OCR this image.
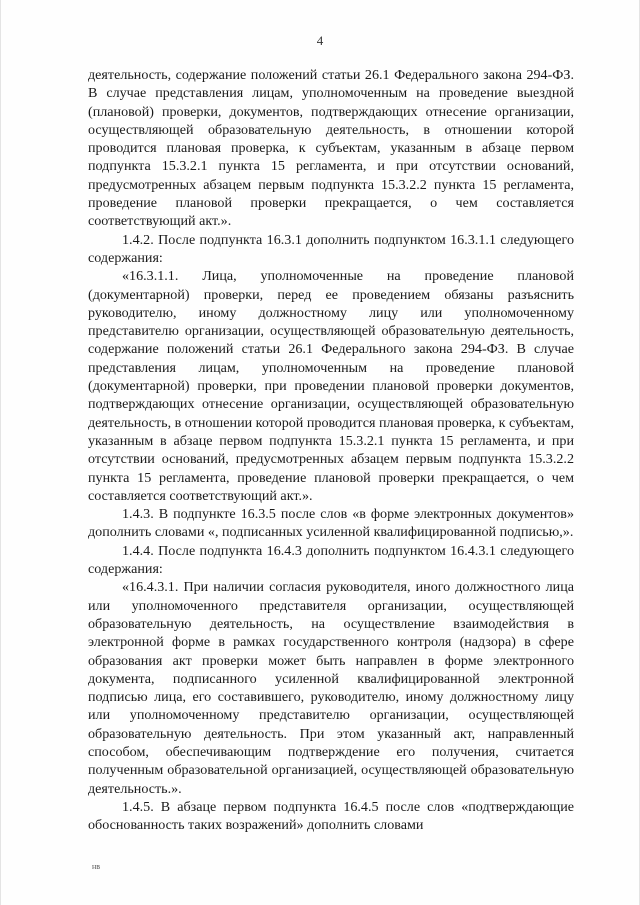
4

деятельность, содержание положений статьи 26.1 Федерального закона 294-ФЗ. В случае представления лицам, уполномоченным на проведение выездной (плановой) проверки, документов, подтверждающих отнесение организации, осуществляющей образовательную деятельность, в отношении которой проводится плановая проверка, к субъектам, указанным в абзаце первом подпункта 15.3.2.1 пункта 15 регламента, и при отсутствии оснований, предусмотренных абзацем первым подпункта 15.3.2.2 пункта 15 регламента, проведение плановой проверки прекращается, о чем составляется соответствующий акт.».

1.4.2. После подпункта 16.3.1 дополнить подпунктом 16.3.1.1 следующего содержания:

«16.3.1.1. Лица, уполномоченные на проведение плановой (документарной) проверки, перед ее проведением обязаны разъяснить руководителю, иному должностному лицу или уполномоченному представителю организации, осуществляющей образовательную деятельность, содержание положений статьи 26.1 Федерального закона 294-ФЗ. В случае представления лицам, уполномоченным на проведение плановой (документарной) проверки, при проведении плановой проверки документов, подтверждающих отнесение организации, осуществляющей образовательную деятельность, в отношении которой проводится плановая проверка, к субъектам, указанным в абзаце первом подпункта 15.3.2.1 пункта 15 регламента, и при отсутствии оснований, предусмотренных абзацем первым подпункта 15.3.2.2 пункта 15 регламента, проведение плановой проверки прекращается, о чем составляется соответствующий акт.».

1.4.3. В подпункте 16.3.5 после слов «в форме электронных документов» дополнить словами «, подписанных усиленной квалифицированной подписью,».

1.4.4. После подпункта 16.4.3 дополнить подпунктом 16.4.3.1 следующего содержания:

«16.4.3.1. При наличии согласия руководителя, иного должностного лица или уполномоченного представителя организации, осуществляющей образовательную деятельность, на осуществление взаимодействия в электронной форме в рамках государственного контроля (надзора) в сфере образования акт проверки может быть направлен в форме электронного документа, подписанного усиленной квалифицированной электронной подписью лица, его составившего, руководителю, иному должностному лицу или уполномоченному представителю организации, осуществляющей образовательную деятельность. При этом указанный акт, направленный способом, обеспечивающим подтверждение его получения, считается полученным образовательной организацией, осуществляющей образовательную деятельность.».

1.4.5. В абзаце первом подпункта 16.4.5 после слов «подтверждающие обоснованность таких возражений» дополнить словами

нв
